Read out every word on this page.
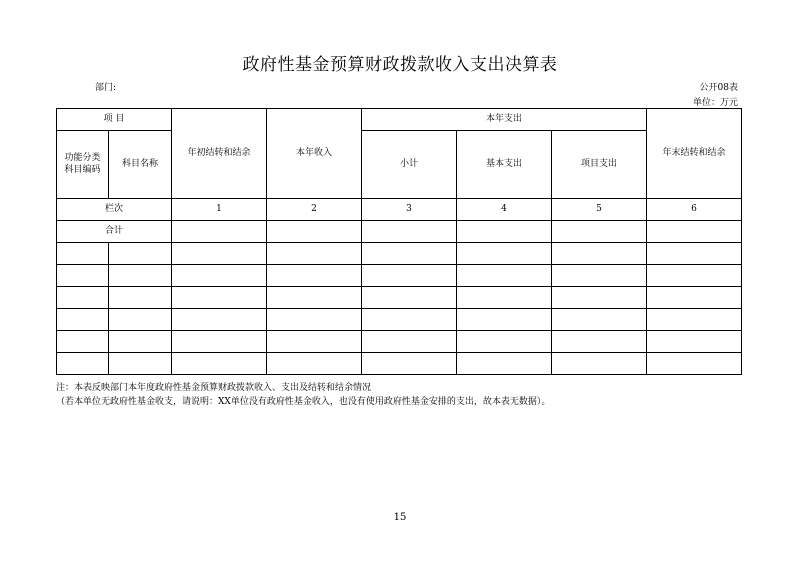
政府性基金预算财政拨款收入支出决算表
部门:	公开08表
单位：万元
项 目		年初结转和结余	本年收入	本年支出			年末结转和结余
功能分类 科目编码	科目名称			小计	基本支出	项目支出	
栏次		1	2	3	4	5	6
合计							

注：本表反映部门本年度政府性基金预算财政拨款收入、支出及结转和结余情况
（若本单位无政府性基金收支，请说明：XX单位没有政府性基金收入，也没有使用政府性基金安排的支出，故本表无数据）。
15
